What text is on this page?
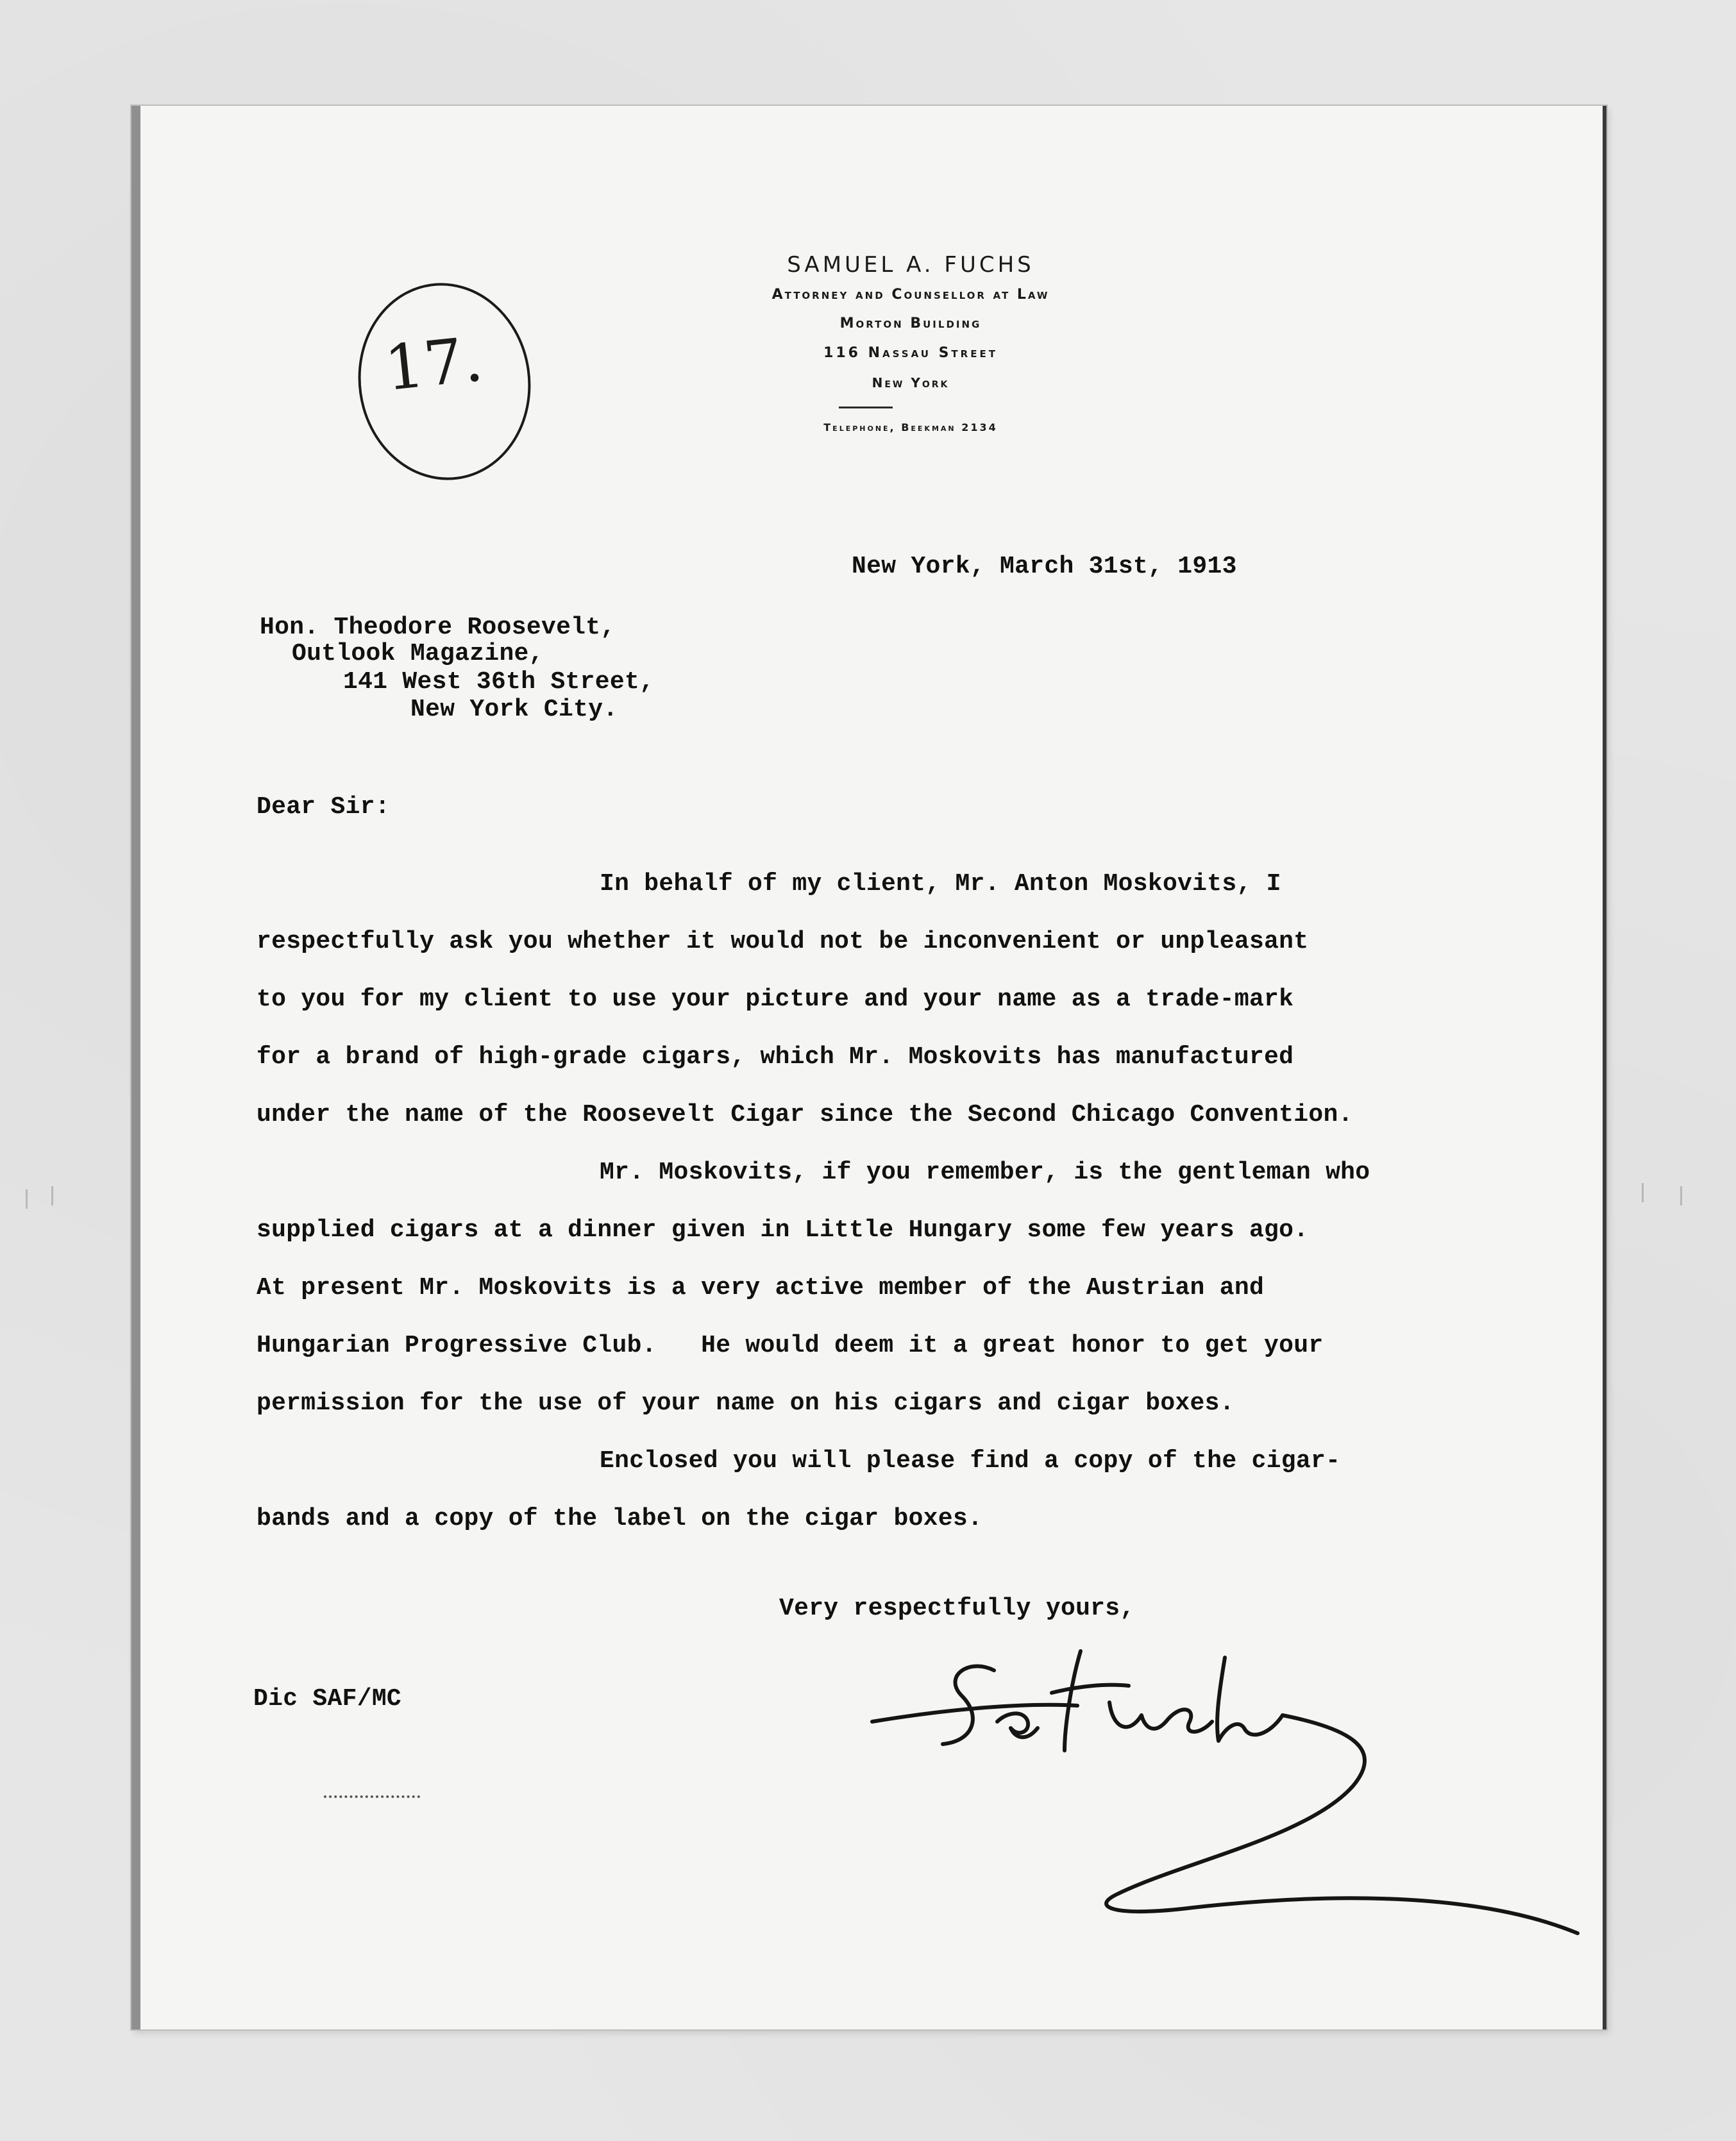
17.
SAMUEL A. FUCHS
Attorney and Counsellor at Law
Morton Building
116 Nassau Street
New York
Telephone, Beekman 2134
New York, March 31st, 1913
Hon. Theodore Roosevelt,
Outlook Magazine,
141 West 36th Street,
New York City.
Dear Sir:
In behalf of my client, Mr. Anton Moskovits, I
respectfully ask you whether it would not be inconvenient or unpleasant
to you for my client to use your picture and your name as a trade-mark
for a brand of high-grade cigars, which Mr. Moskovits has manufactured
under the name of the Roosevelt Cigar since the Second Chicago Convention.
Mr. Moskovits, if you remember, is the gentleman who
supplied cigars at a dinner given in Little Hungary some few years ago.
At present Mr. Moskovits is a very active member of the Austrian and
Hungarian Progressive Club.   He would deem it a great honor to get your
permission for the use of your name on his cigars and cigar boxes.
Enclosed you will please find a copy of the cigar-
bands and a copy of the label on the cigar boxes.
Very respectfully yours,
Dic SAF/MC
